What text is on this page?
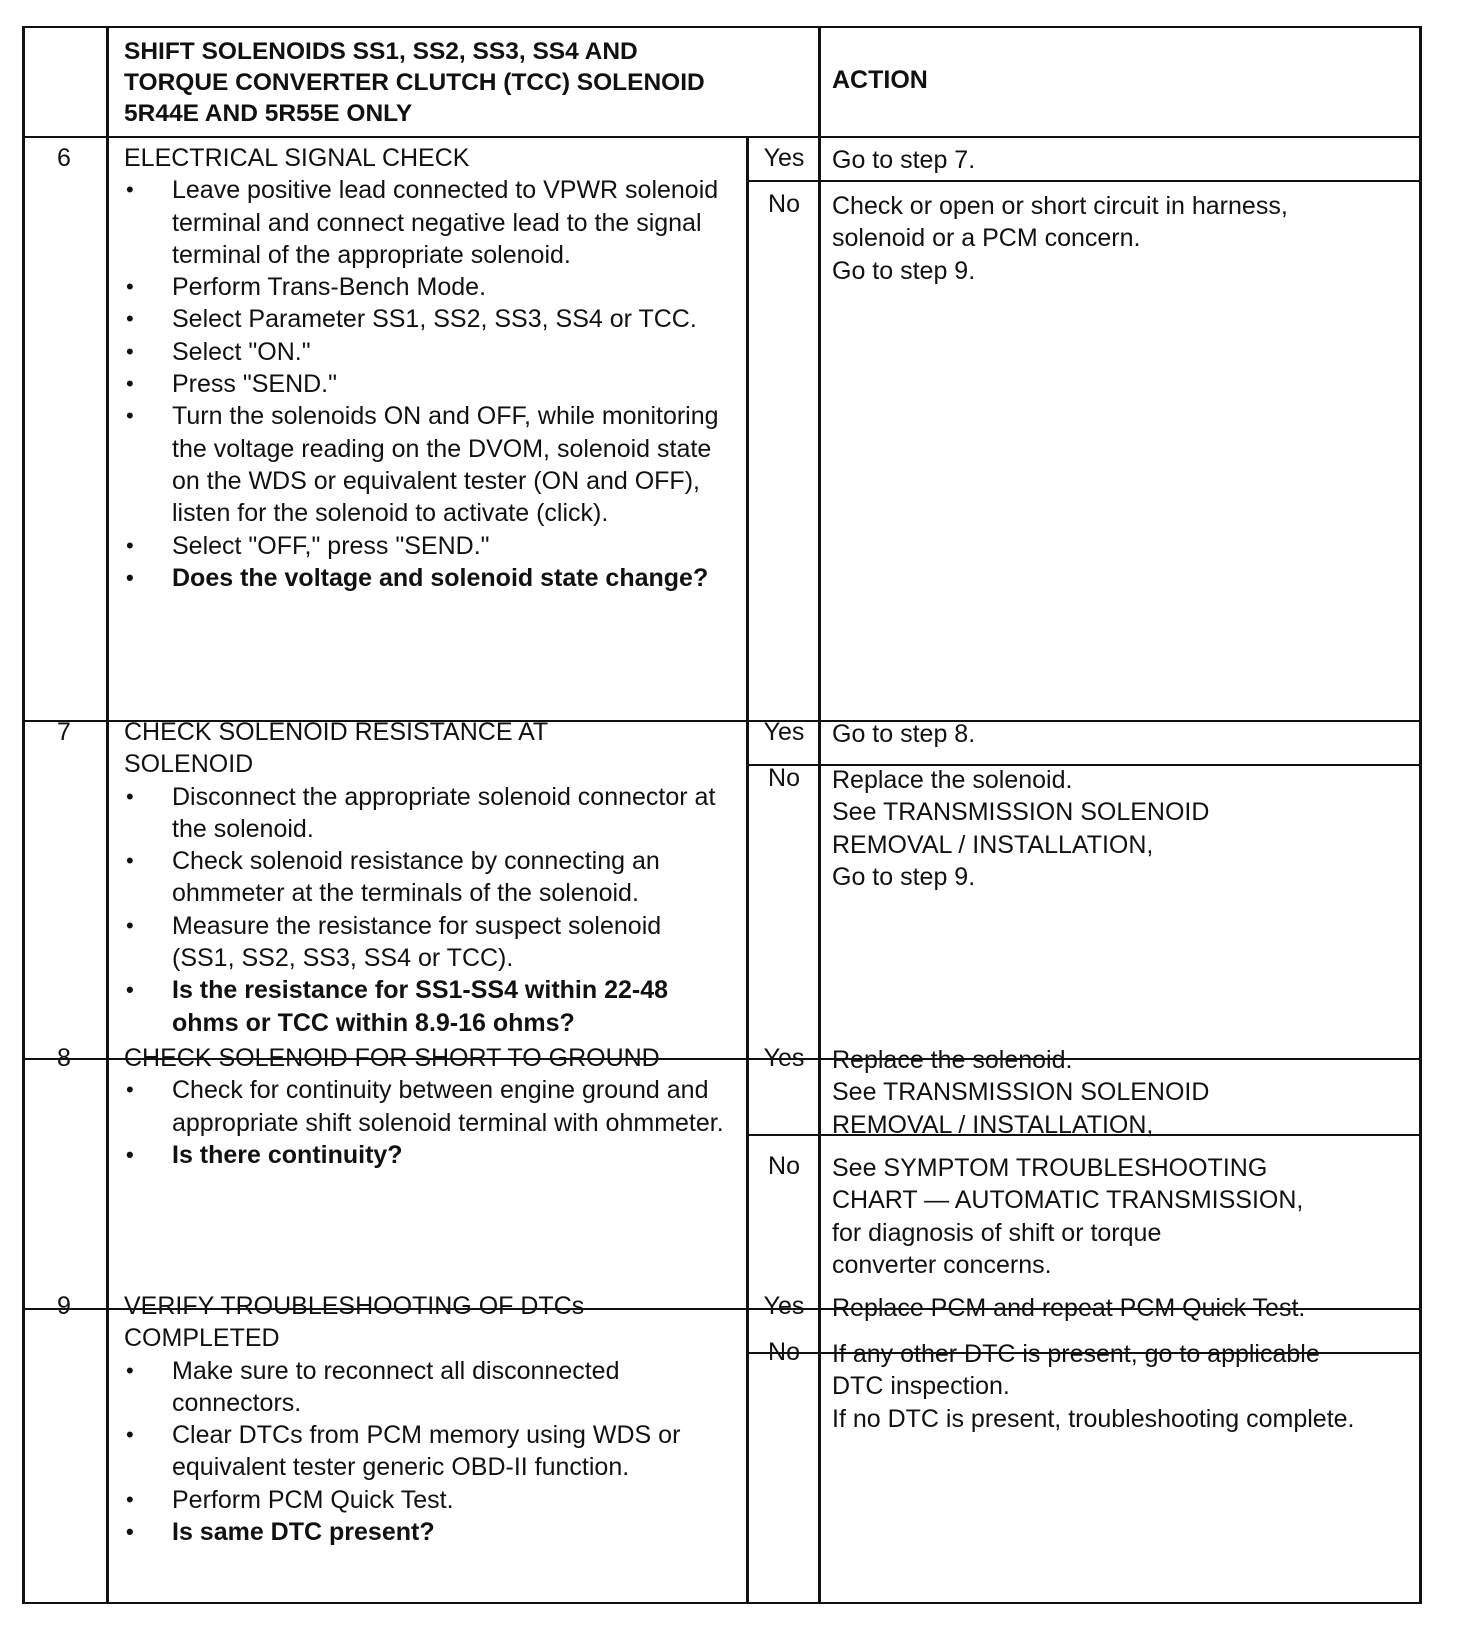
SHIFT SOLENOIDS SS1, SS2, SS3, SS4 AND
TORQUE CONVERTER CLUTCH (TCC) SOLENOID
5R44E AND 5R55E ONLY
ACTION
6	ELECTRICAL SIGNAL CHECK
• Leave positive lead connected to VPWR solenoid terminal and connect negative lead to the signal terminal of the appropriate solenoid.
• Perform Trans-Bench Mode.
• Select Parameter SS1, SS2, SS3, SS4 or TCC.
• Select "ON."
• Press "SEND."
• Turn the solenoids ON and OFF, while monitoring the voltage reading on the DVOM, solenoid state on the WDS or equivalent tester (ON and OFF), listen for the solenoid to activate (click).
• Select "OFF," press "SEND."
• Does the voltage and solenoid state change?
Yes	Go to step 7.
No	Check or open or short circuit in harness,
solenoid or a PCM concern.
Go to step 9.
7	CHECK SOLENOID RESISTANCE AT
SOLENOID
• Disconnect the appropriate solenoid connector at the solenoid.
• Check solenoid resistance by connecting an ohmmeter at the terminals of the solenoid.
• Measure the resistance for suspect solenoid (SS1, SS2, SS3, SS4 or TCC).
• Is the resistance for SS1-SS4 within 22-48 ohms or TCC within 8.9-16 ohms?
Yes	Go to step 8.
No	Replace the solenoid.
See TRANSMISSION SOLENOID
REMOVAL / INSTALLATION,
Go to step 9.
8	CHECK SOLENOID FOR SHORT TO GROUND
• Check for continuity between engine ground and appropriate shift solenoid terminal with ohmmeter.
• Is there continuity?
Yes	Replace the solenoid.
See TRANSMISSION SOLENOID
REMOVAL / INSTALLATION,
No	See SYMPTOM TROUBLESHOOTING
CHART — AUTOMATIC TRANSMISSION,
for diagnosis of shift or torque
converter concerns.
9	VERIFY TROUBLESHOOTING OF DTCs
COMPLETED
• Make sure to reconnect all disconnected connectors.
• Clear DTCs from PCM memory using WDS or equivalent tester generic OBD-II function.
• Perform PCM Quick Test.
• Is same DTC present?
Yes	Replace PCM and repeat PCM Quick Test.
No	If any other DTC is present, go to applicable
DTC inspection.
If no DTC is present, troubleshooting complete.
